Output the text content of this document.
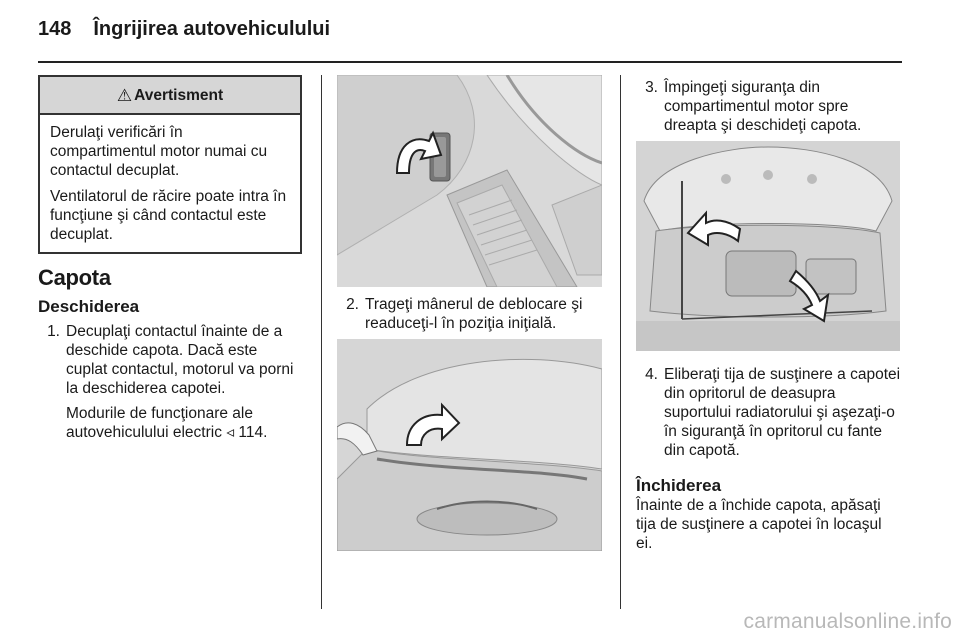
148 Îngrijirea autovehiculului
⚠ Avertisment

Derulaţi verificări în compartimentul motor numai cu contactul decuplat.

Ventilatorul de răcire poate intra în funcţiune şi când contactul este decuplat.

Capota
Deschiderea
1. Decuplaţi contactul înainte de a deschide capota. Dacă este cuplat contactul, motorul va porni la deschiderea capotei.
Modurile de funcţionare ale autovehiculului electric ◃ 114.
2. Trageţi mânerul de deblocare şi readuceţi-l în poziţia iniţială.
3. Împingeţi siguranţa din compartimentul motor spre dreapta şi deschideţi capota.
4. Eliberaţi tija de susţinere a capotei din opritorul de deasupra suportului radiatorului şi aşezaţi-o în siguranţă în opritorul cu fante din capotă.
Închiderea

Înainte de a închide capota, apăsaţi tija de susţinere a capotei în locaşul ei.

carmanualsonline.info
